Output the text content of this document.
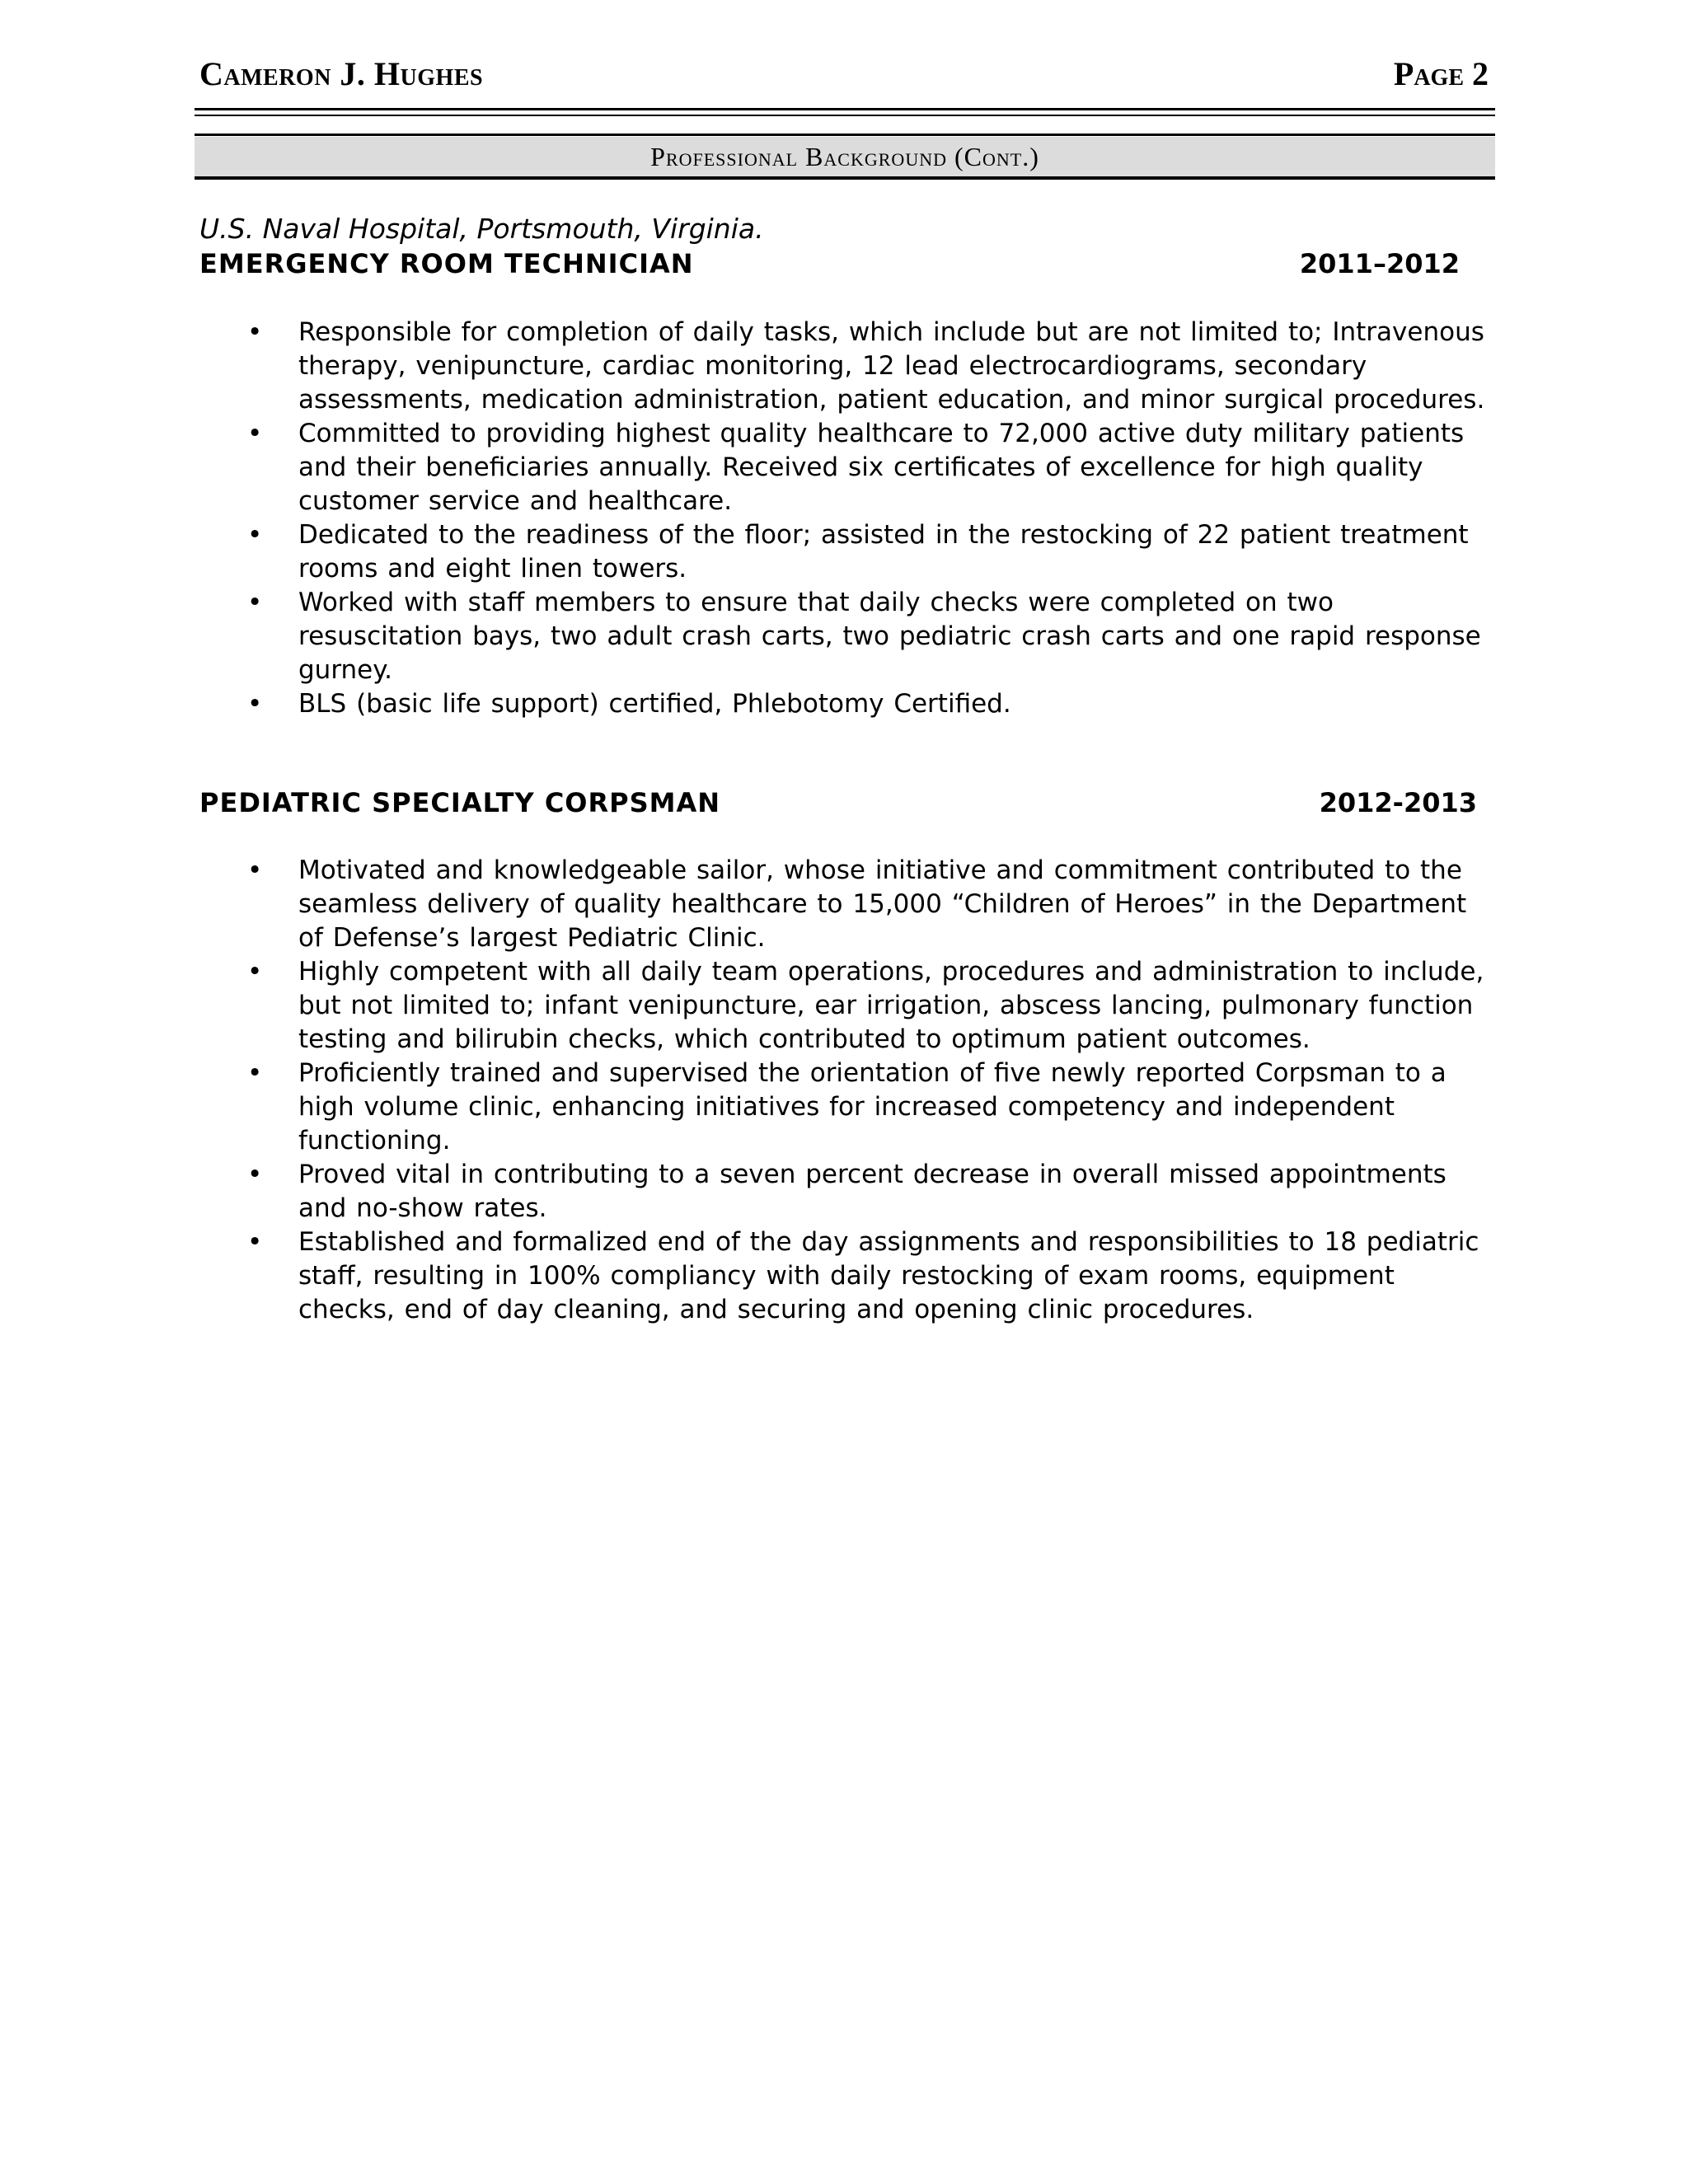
Cameron J. Hughes	Page 2
Professional Background (Cont.)
U.S. Naval Hospital, Portsmouth, Virginia.
EMERGENCY ROOM TECHNICIAN	2011–2012
•	Responsible for completion of daily tasks, which include but are not limited to; Intravenous therapy, venipuncture, cardiac monitoring, 12 lead electrocardiograms, secondary assessments, medication administration, patient education, and minor surgical procedures.
•	Committed to providing highest quality healthcare to 72,000 active duty military patients and their beneficiaries annually. Received six certificates of excellence for high quality customer service and healthcare.
•	Dedicated to the readiness of the floor; assisted in the restocking of 22 patient treatment rooms and eight linen towers.
•	Worked with staff members to ensure that daily checks were completed on two resuscitation bays, two adult crash carts, two pediatric crash carts and one rapid response gurney.
•	BLS (basic life support) certified, Phlebotomy Certified.
PEDIATRIC SPECIALTY CORPSMAN	2012-2013
•	Motivated and knowledgeable sailor, whose initiative and commitment contributed to the seamless delivery of quality healthcare to 15,000 “Children of Heroes” in the Department of Defense’s largest Pediatric Clinic.
•	Highly competent with all daily team operations, procedures and administration to include, but not limited to; infant venipuncture, ear irrigation, abscess lancing, pulmonary function testing and bilirubin checks, which contributed to optimum patient outcomes.
•	Proficiently trained and supervised the orientation of five newly reported Corpsman to a high volume clinic, enhancing initiatives for increased competency and independent functioning.
•	Proved vital in contributing to a seven percent decrease in overall missed appointments and no-show rates.
•	Established and formalized end of the day assignments and responsibilities to 18 pediatric staff, resulting in 100% compliancy with daily restocking of exam rooms, equipment checks, end of day cleaning, and securing and opening clinic procedures.
